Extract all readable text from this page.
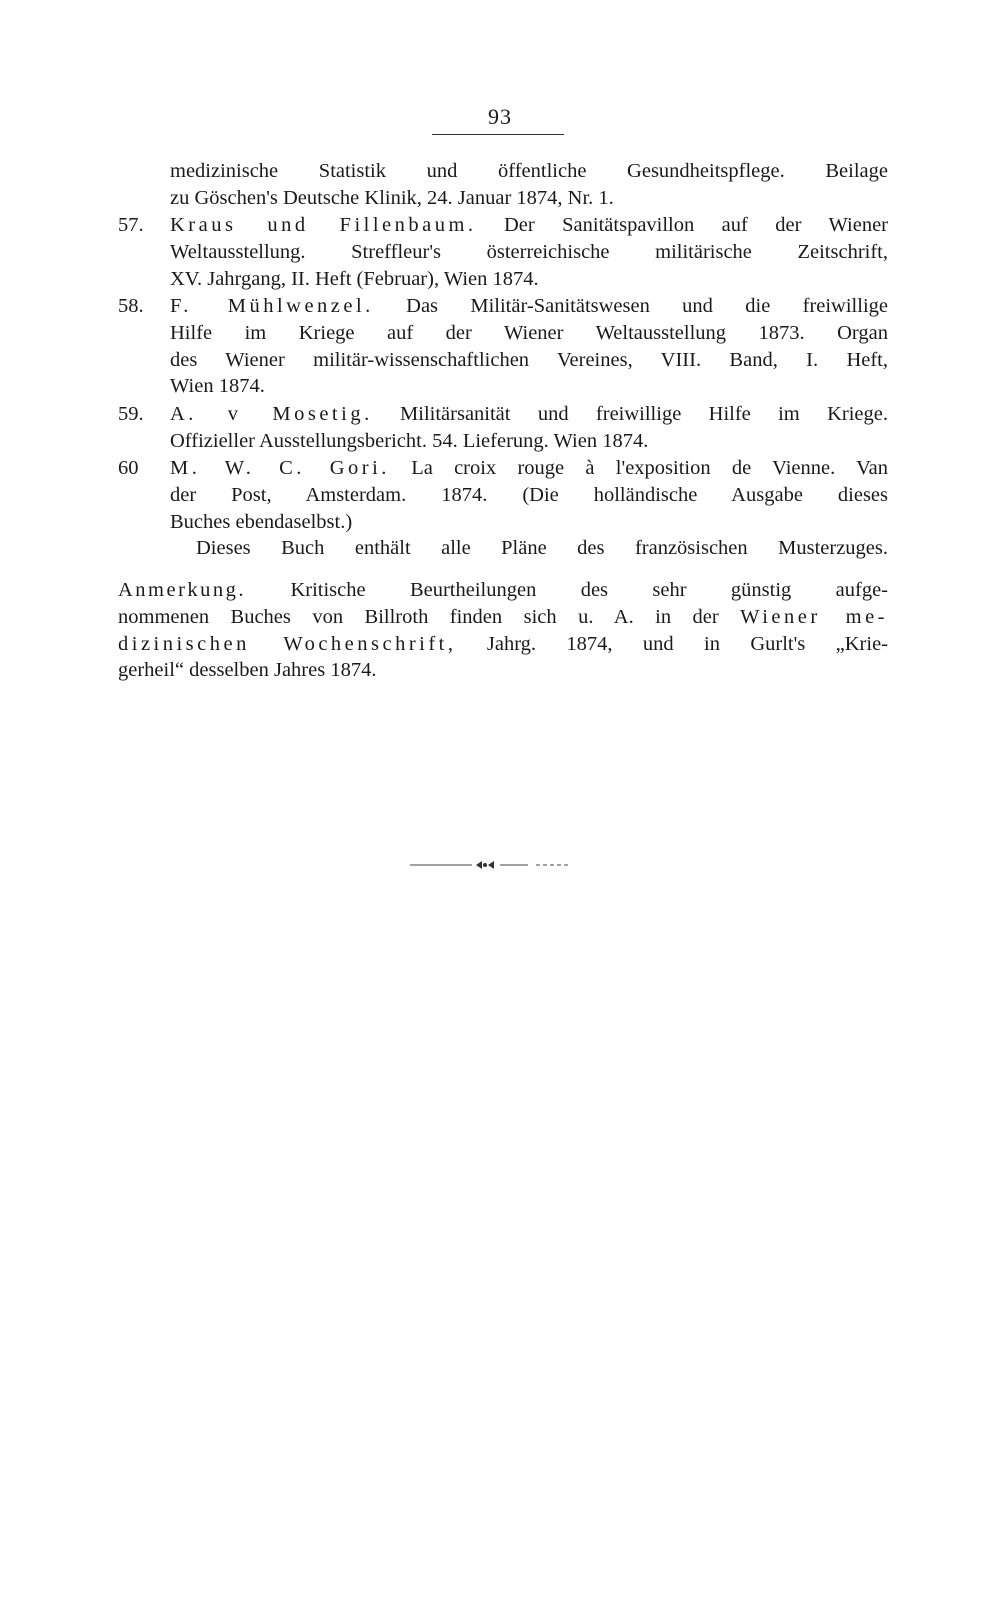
93
medizinische Statistik und öffentliche Gesundheitspflege. Beilage
zu Göschen's Deutsche Klinik, 24. Januar 1874, Nr. 1.
57.	Kraus und Fillenbaum. Der Sanitätspavillon auf der Wiener
Weltausstellung. Streffleur's österreichische militärische Zeitschrift,
XV. Jahrgang, II. Heft (Februar), Wien 1874.
58.	F. Mühlwenzel. Das Militär-Sanitätswesen und die freiwillige
Hilfe im Kriege auf der Wiener Weltausstellung 1873. Organ
des Wiener militär-wissenschaftlichen Vereines, VIII. Band, I. Heft,
Wien 1874.
59.	A. v Mosetig. Militärsanität und freiwillige Hilfe im Kriege.
Offizieller Ausstellungsbericht. 54. Lieferung. Wien 1874.
60	M. W. C. Gori. La croix rouge à l'exposition de Vienne. Van
der Post, Amsterdam. 1874. (Die holländische Ausgabe dieses
Buches ebendaselbst.)
Dieses Buch enthält alle Pläne des französischen Musterzuges.
Anmerkung. Kritische Beurtheilungen des sehr günstig aufge-
nommenen Buches von Billroth finden sich u. A. in der Wiener me-
dizinischen Wochenschrift, Jahrg. 1874, und in Gurlt's „Krie-
gerheil“ desselben Jahres 1874.
